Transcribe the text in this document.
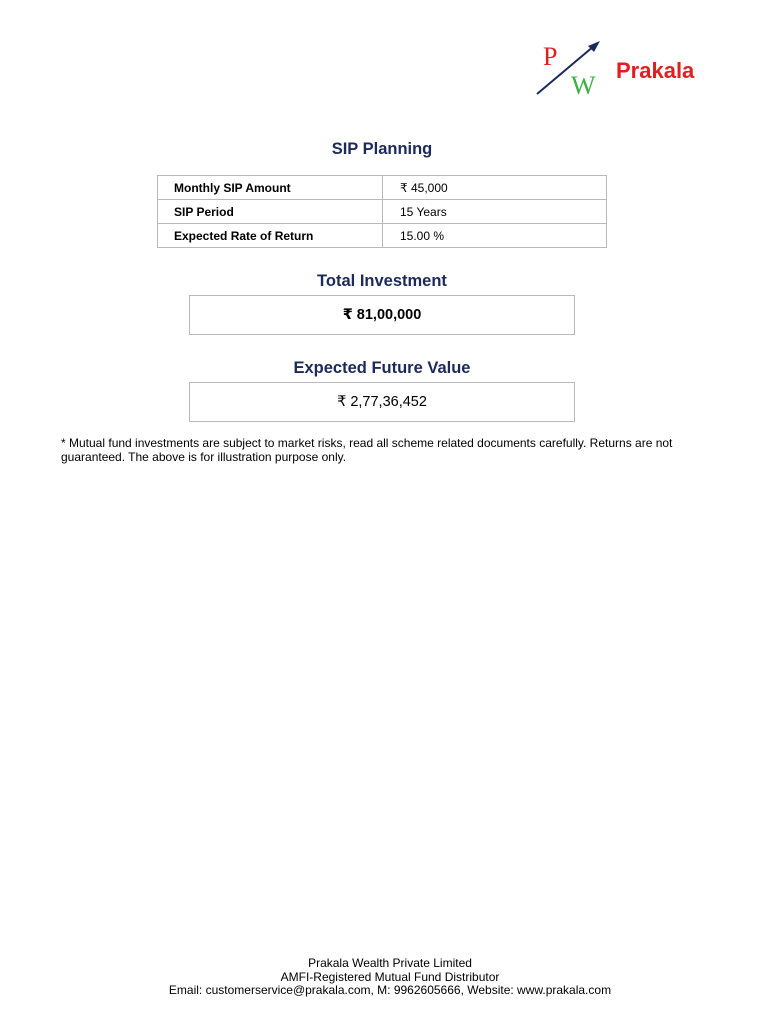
P
W
Prakala
SIP Planning
Monthly SIP Amount	₹ 45,000
SIP Period	15 Years
Expected Rate of Return	15.00 %
Total Investment
₹ 81,00,000
Expected Future Value
₹ 2,77,36,452
* Mutual fund investments are subject to market risks, read all scheme related documents carefully. Returns are not guaranteed. The above is for illustration purpose only.
Prakala Wealth Private Limited
AMFI-Registered Mutual Fund Distributor
Email: customerservice@prakala.com, M: 9962605666, Website: www.prakala.com
